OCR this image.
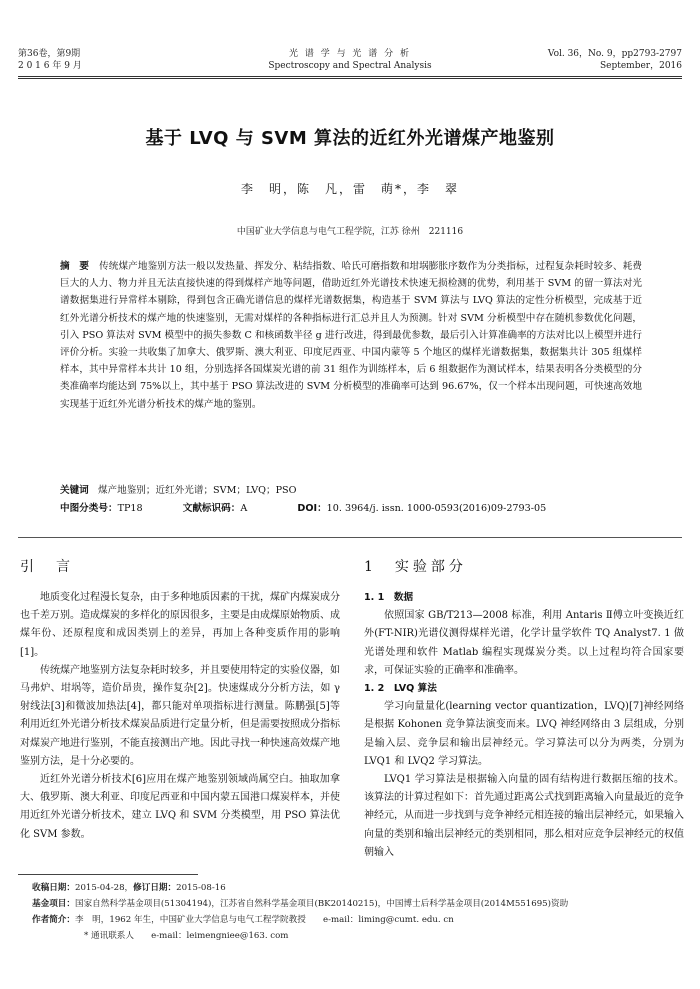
第36卷，第9期
2 0 1 6 年 9 月
光 谱 学 与 光 谱 分 析
Spectroscopy and Spectral Analysis
Vol. 36，No. 9，pp2793-2797
September，2016
基于 LVQ 与 SVM 算法的近红外光谱煤产地鉴别
李　明，陈　凡，雷　萌*，李　翠
中国矿业大学信息与电气工程学院，江苏 徐州　221116
摘　要 传统煤产地鉴别方法一般以发热量、挥发分、粘结指数、哈氏可磨指数和坩埚膨胀序数作为分类指标，过程复杂耗时较多、耗费巨大的人力、物力并且无法直接快速的得到煤样产地等问题，借助近红外光谱技术快速无损检测的优势，利用基于 SVM 的留一算法对光谱数据集进行异常样本剔除，得到包含正确光谱信息的煤样光谱数据集，构造基于 SVM 算法与 LVQ 算法的定性分析模型，完成基于近红外光谱分析技术的煤产地的快速鉴别，无需对煤样的各种指标进行汇总并且人为预测。针对 SVM 分析模型中存在随机参数优化问题，引入 PSO 算法对 SVM 模型中的损失参数 C 和核函数半径 g 进行改进，得到最优参数，最后引入计算准确率的方法对比以上模型并进行评价分析。实验一共收集了加拿大、俄罗斯、澳大利亚、印度尼西亚、中国内蒙等 5 个地区的煤样光谱数据集，数据集共计 305 组煤样样本，其中异常样本共计 10 组，分别选择各国煤炭光谱的前 31 组作为训练样本，后 6 组数据作为测试样本，结果表明各分类模型的分类准确率均能达到 75%以上，其中基于 PSO 算法改进的 SVM 分析模型的准确率可达到 96.67%，仅一个样本出现问题，可快速高效地实现基于近红外光谱分析技术的煤产地的鉴别。
关键词 煤产地鉴别；近红外光谱；SVM；LVQ；PSO
中图分类号：TP18	文献标识码：A	DOI：10. 3964/j. issn. 1000-0593(2016)09-2793-05
引　言	1　实验部分

地质变化过程漫长复杂，由于多种地质因素的干扰，煤矿内煤炭成分也千差万别。造成煤炭的多样化的原因很多，主要是由成煤原始物质、成煤年份、还原程度和成因类别上的差异，再加上各种变质作用的影响[1]。

传统煤产地鉴别方法复杂耗时较多，并且要使用特定的实验仪器，如马弗炉、坩埚等，造价昂贵，操作复杂[2]。快速煤成分分析方法，如 γ 射线法[3]和微波加热法[4]，都只能对单项指标进行测量。陈鹏强[5]等利用近红外光谱分析技术煤炭品质进行定量分析，但是需要按照成分指标对煤炭产地进行鉴别，不能直接测出产地。因此寻找一种快速高效煤产地鉴别方法，是十分必要的。

近红外光谱分析技术[6]应用在煤产地鉴别领域尚属空白。抽取加拿大、俄罗斯、澳大利亚、印度尼西亚和中国内蒙五国港口煤炭样本，并使用近红外光谱分析技术，建立 LVQ 和 SVM 分类模型，用 PSO 算法优化 SVM 参数。

1. 1　数据

依照国家 GB/T213—2008 标准，利用 Antaris Ⅱ傅立叶变换近红外(FT-NIR)光谱仪测得煤样光谱，化学计量学软件 TQ Analyst7. 1 做光谱处理和软件 Matlab 编程实现煤炭分类。以上过程均符合国家要求，可保证实验的正确率和准确率。

1. 2　LVQ 算法

学习向量量化(learning vector quantization，LVQ)[7]神经网络是根据 Kohonen 竞争算法演变而来。LVQ 神经网络由 3 层组成，分别是输入层、竞争层和输出层神经元。学习算法可以分为两类，分别为 LVQ1 和 LVQ2 学习算法。

LVQ1 学习算法是根据输入向量的固有结构进行数据压缩的技术。该算法的计算过程如下：首先通过距离公式找到距离输入向量最近的竞争神经元，从而进一步找到与竞争神经元相连接的输出层神经元，如果输入向量的类别和输出层神经元的类别相同，那么相对应竞争层神经元的权值朝输入

收稿日期：2015-04-28，修订日期：2015-08-16
基金项目：国家自然科学基金项目(51304194)，江苏省自然科学基金项目(BK20140215)，中国博士后科学基金项目(2014M551695)资助
作者简介：李　明，1962 年生，中国矿业大学信息与电气工程学院教授　　e-mail：liming@cumt. edu. cn
* 通讯联系人　　e-mail：leimengniee@163. com
